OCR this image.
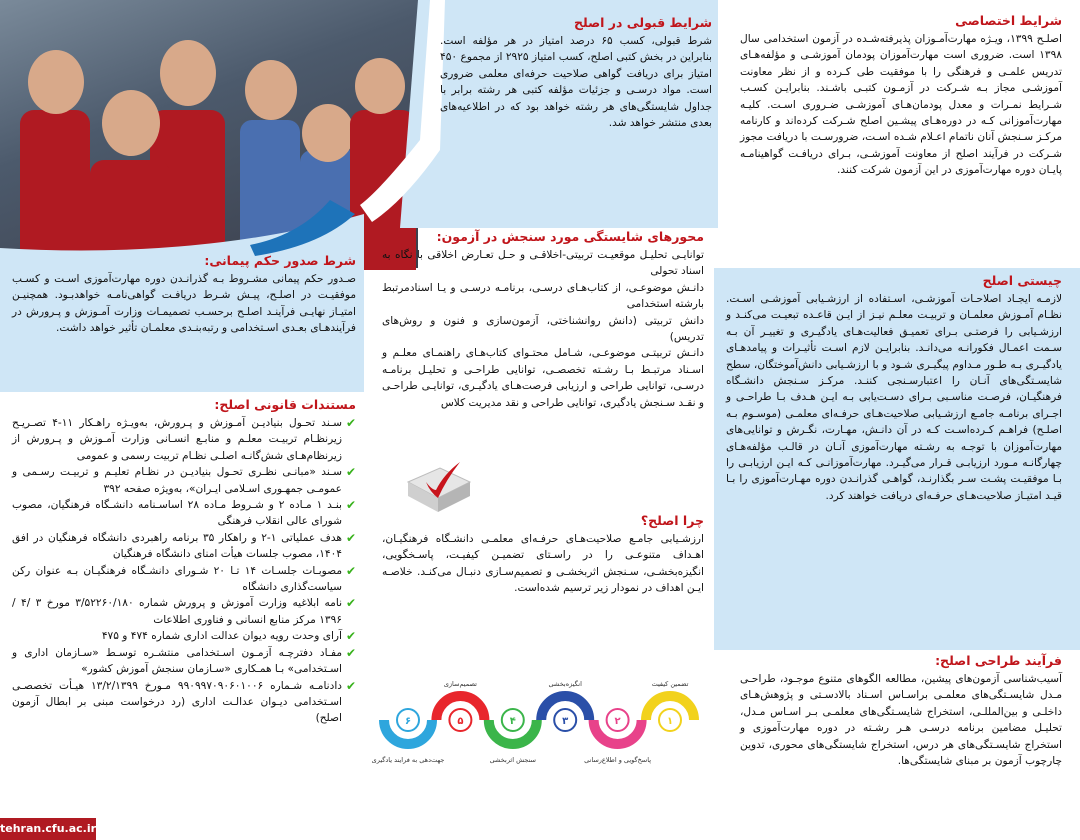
شرایط اختصاصی

اصلـح ۱۳۹۹، ویـژه مهارت‌آمـوزان پذیرفته‌شـده در آزمون استخدامی سال ۱۳۹۸ است. ضروری است مهارت‌آموزان پودمان آموزشـی و مؤلفه‌هـای تدریس علمـی و فرهنگی را با موفقیت طی کـرده و از نظر معاونت آموزشـی مجاز بـه شـرکت در آزمـون کتبـی باشـند. بنابرایـن کسـب شـرایط نمـرات و معدل پودمان‌هـای آموزشـی ضـروری اسـت. کلیـه مهارت‌آموزانی کـه در دوره‌هـای پیشـین اصلح شـرکت کرده‌اند و کارنامه مرکـز سـنجش آنان ناتمام اعـلام شـده اسـت، ضرورسـت با دریافت مجوز شـرکت در فرآیند اصلح از معاونت آموزشـی، بـرای دریافـت گواهینامـه پایـان دوره مهارت‌آموزی در این آزمون شرکت کنند.

چیستی اصلح

لازمـه ایجـاد اصلاحـات آموزشـی، اسـتفاده از ارزشـیابی آموزشـی اسـت. نظـام آمـوزش معلمـان و تربیـت معلـم نیـز از ایـن قاعـده تبعیـت می‌کنـد و ارزشـیابی را فرصتـی بـرای تعمیـق فعالیت‌هـای یادگیـری و تغییـر آن بـه سـمت اعمـال فکورانـه می‌دانـد. بنابرایـن لازم اسـت تأثیـرات و پیامدهـای یادگیـری بـه طـور مـداوم پیگیـری شـود و با ارزشـیابی دانش‌آموختگان، سطح شایسـتگی‌های آنـان را اعتبارسـنجی کننـد. مرکـز سـنجش دانشـگاه فرهنگیـان، فرصـت مناسـبی بـرای دسـت‌یابی بـه ایـن هـدف بـا طراحـی و اجـرای برنامـه جامـع ارزشـیابی صلاحیت‌هـای حرفـه‌ای معلمـی (موسـوم بـه اصلـح) فراهـم کـرده‌اسـت کـه در آن دانـش، مهـارت، نگـرش و توانایی‌های مهارت‌آموزان با توجـه به رشـته مهارت‌آموزی آنـان در قالـب مؤلفه‌هـای چهارگانـه مـورد ارزیابـی قـرار می‌گیـرد. مهارت‌آموزانـی کـه ایـن ارزیابـی را بـا موفقیـت پشـت سـر بگذارنـد، گواهـی گذرانـدن دوره مهـارت‌آموزی را بـا قیـد امتیـاز صلاحیت‌هـای حرفـه‌ای دریافت خواهند کرد.

فرآیند طراحی اصلح:

آسیب‌شناسی آزمون‌های پیشین، مطالعه الگوهای متنوع موجـود، طراحـی مـدل شایسـتگی‌های معلمـی براسـاس اسـناد بالادسـتی و پژوهش‌هـای داخلـی و بین‌المللـی، استخراج شایسـتگی‌های معلمـی بـر اسـاس مـدل، تحلیـل مضامین برنامه درسـی هـر رشـته در دوره مهارت‌آموزی و استخراج شایسـتگی‌های هر درس، استخراج شایستگی‌های محوری، تدوین چارچوب آزمون بر مبنای شایستگی‌ها.

شرایط قبولی در اصلح

شرط قبولی، کسب ۶۵ درصد امتیاز در هر مؤلفه است. بنابراین در بخش کتبی اصلح، کسب امتیاز ۲۹۲۵ از مجموع ۴۵۰ امتیاز برای دریافت گواهی صلاحیت حرفه‌ای معلمی ضروری است. مواد درسـی و جزئیات مؤلفه کتبی هر رشته برابر با جداول شایستگی‌های هر رشته خواهد بود که در اطلاعیه‌های بعدی منتشر خواهد شد.

محورهای شایستگی مورد سنجش در آزمون:

توانایـی تحلیـل موقعیـت تربیتی-اخلاقـی و حـل تعـارض اخلاقی با نگاه به اسناد تحولی

دانـش موضوعـی، از کتاب‌هـای درسـی، برنامـه درسـی و یـا اسنادمرتبط بارشته استخدامی

دانش تربیتی (دانش روانشناختی، آزمون‌سازی و فنون و روش‌های تدریس)

دانـش تربیتـی موضوعـی، شـامل محتـوای کتاب‌هـای راهنمـای معلـم و اسـناد مرتبـط بـا رشـته تخصصـی، توانایی طراحـی و تحلیـل برنامـه درسـی، توانایی طراحی و ارزیابی فرصت‌هـای یادگیـری، توانایـی طراحـی و نقـد سـنجش یادگیری، توانایی طراحی و نقد مدیریت کلاس

چرا اصلح؟

ارزشـیابی جامـع صلاحیت‌هـای حرفـه‌ای معلمـی دانشـگاه فرهنگیـان، اهـداف متنوعـی را در راسـتای تضمیـن کیفیـت، پاسـخگویی، انگیزه‌بخشـی، سـنجش اثربخشـی و تصمیم‌سـازی دنبـال می‌کنـد. خلاصـه ایـن اهداف در نمودار زیر ترسیم شده‌است.

۱
تضمین کیفیت
۲
پاسخ‌گویی و اطلاع‌رسانی
۳
انگیزه‌بخشی
۴
سنجش اثربخشی
۵
تصمیم‌سازی
۶
جهت‌دهی به فرایند یادگیری
شرط صدور حکم پیمانی:

صـدور حکم پیمانی مشـروط بـه گذرانـدن دوره مهارت‌آموزی اسـت و کسـب موفقیـت در اصلـح، پیـش شـرط دریافـت گواهی‌نامـه خواهدبـود. همچنیـن امتیـاز نهایـی فرآینـد اصلـح برحسـب تصمیمـات وزارت آمـوزش و پـرورش در فرآیندهـای بعـدی اسـتخدامی و رتبه‌بنـدی معلمـان تأثیر خواهد داشت.

مستندات قانونی اصلح:
✔
سـند تحـول بنیادیـن آمـوزش و پـرورش، به‌ویـژه راهـکار ۱۱-۴ تصـریـح زیرنظـام تربیـت معلـم و منابـع انسـانی وزارت آمـوزش و پـرورش از زیرنظام‌هـای شش‌گانـه اصلـی نظـام تربیت رسمی و عمومی
✔
سـند «مبانـی نظـری تحـول بنیادیـن در نظـام تعلیـم و تربیـت رسـمی و عمومـی جمهـوری اسـلامی ایـران»، به‌ویژه صفحه ۳۹۲
✔
بنـد ۱ مـاده ۲ و شـروط مـاده ۲۸ اساسـنامه دانشـگاه فرهنگیان، مصوب شورای عالی انقلاب فرهنگی
✔
هدف عملیاتی ۱-۲ و راهکار ۳۵ برنامه راهبردی دانشگاه فرهنگیان در افق ۱۴۰۴، مصوب جلسات هیأت امنای دانشگاه فرهنگیان
✔
مصوبـات جلسـات ۱۴ تـا ۲۰ شـورای دانشـگاه فرهنگیـان بـه عنوان رکن سیاست‌گذاری دانشگاه
✔
نامه ابلاغیه وزارت آموزش و پرورش شماره ۳/۵۲۲۶۰/۱۸۰ مورخ ۳ /۴ /۱۳۹۶ مرکز منابع انسانی و فناوری اطلاعات
✔
آرای وحدت رویه دیوان عدالت اداری شماره ۴۷۴ و ۴۷۵
✔
مفـاد دفترچـه آزمـون اسـتخدامی منتشـره توسـط «سـازمان اداری و اسـتخدامی» بـا همـکاری «سـازمان سنجش آموزش کشور»
✔
دادنامـه شـماره ۹۹۰۹۹۷۰۹۰۶۰۱۰۰۶ مـورخ ۱۳/۲/۱۳۹۹ هیـأت تخصصـی اسـتخدامی دیـوان عدالـت اداری (رد درخواست مبنی بر ابطال آزمون اصلح)
tehran.cfu.ac.ir
